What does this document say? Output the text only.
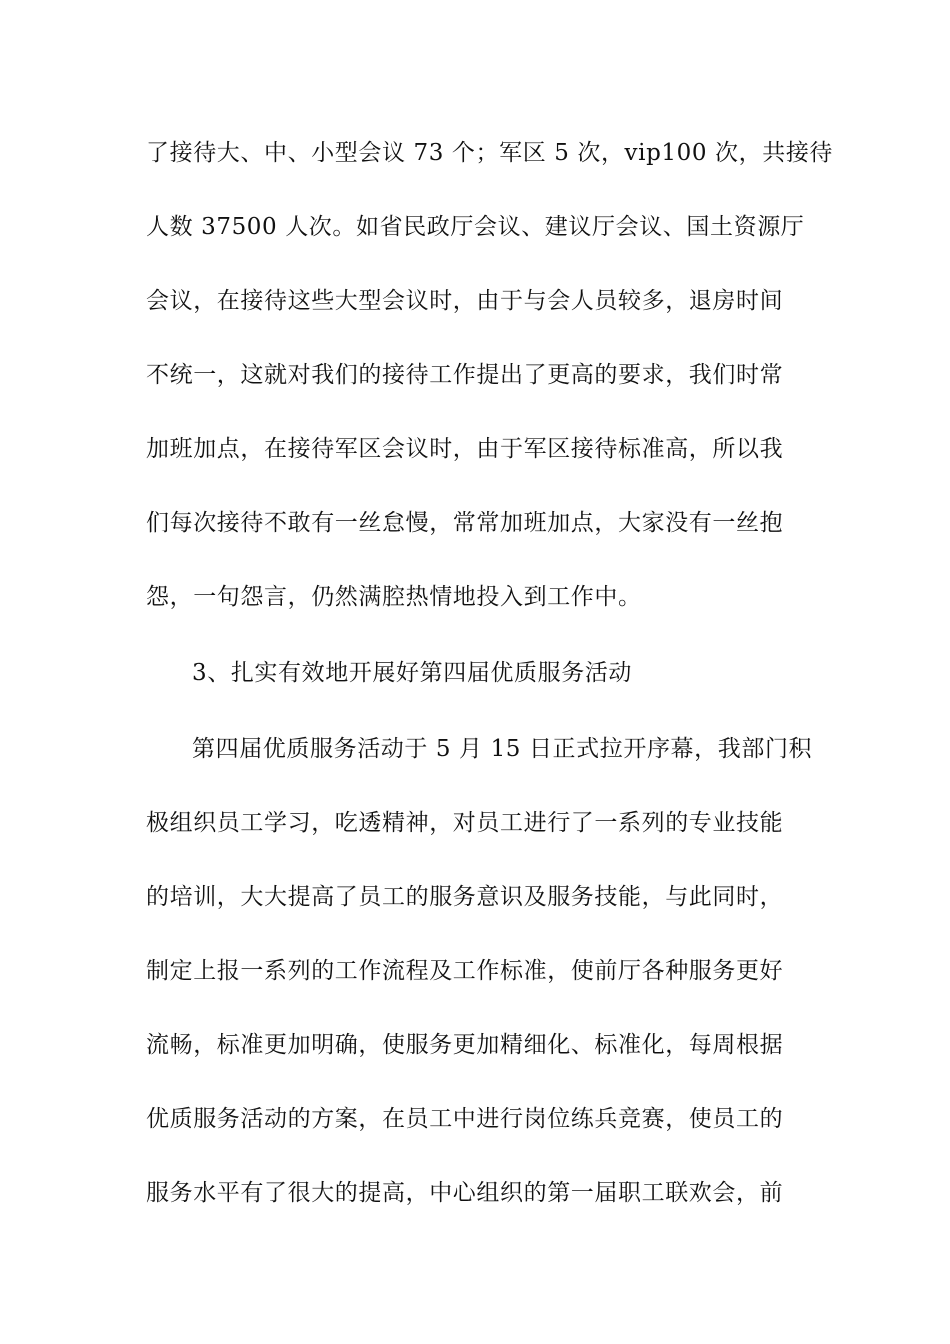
了接待大、中、小型会议 73 个；军区 5 次，vip100 次，共接待
人数 37500 人次。如省民政厅会议、建议厅会议、国土资源厅
会议，在接待这些大型会议时，由于与会人员较多，退房时间
不统一，这就对我们的接待工作提出了更高的要求，我们时常
加班加点，在接待军区会议时，由于军区接待标准高，所以我
们每次接待不敢有一丝怠慢，常常加班加点，大家没有一丝抱
怨，一句怨言，仍然满腔热情地投入到工作中。
3、扎实有效地开展好第四届优质服务活动
第四届优质服务活动于 5 月 15 日正式拉开序幕，我部门积
极组织员工学习，吃透精神，对员工进行了一系列的专业技能
的培训，大大提高了员工的服务意识及服务技能，与此同时，
制定上报一系列的工作流程及工作标准，使前厅各种服务更好
流畅，标准更加明确，使服务更加精细化、标准化，每周根据
优质服务活动的方案，在员工中进行岗位练兵竞赛，使员工的
服务水平有了很大的提高，中心组织的第一届职工联欢会，前
